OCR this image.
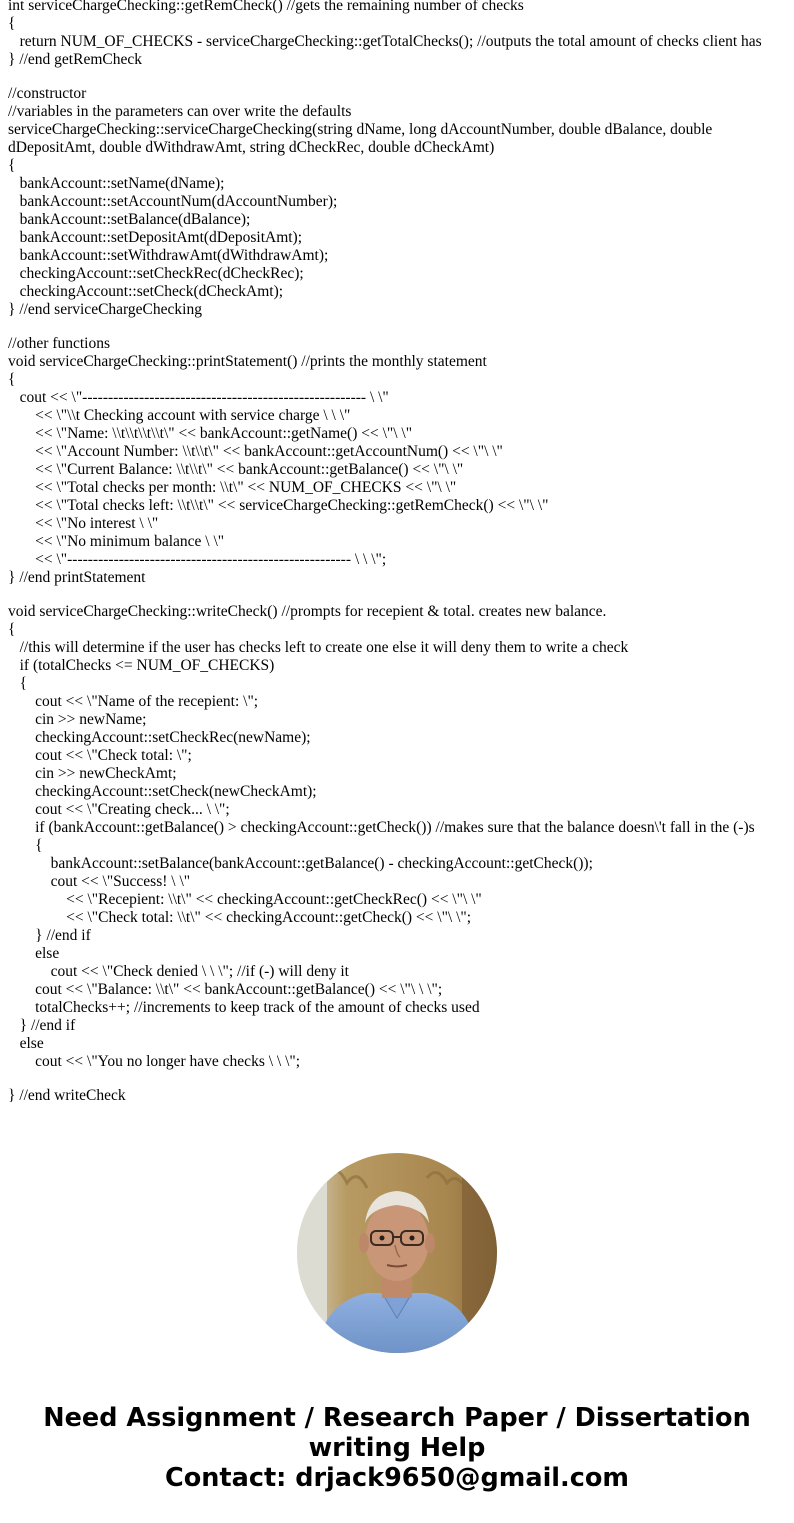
int serviceChargeChecking::getRemCheck() //gets the remaining number of checks
{
return NUM_OF_CHECKS - serviceChargeChecking::getTotalChecks(); //outputs the total amount of checks client has
} //end getRemCheck
//constructor
//variables in the parameters can over write the defaults
serviceChargeChecking::serviceChargeChecking(string dName, long dAccountNumber, double dBalance, double dDepositAmt, double dWithdrawAmt, string dCheckRec, double dCheckAmt)
{
bankAccount::setName(dName);
bankAccount::setAccountNum(dAccountNumber);
bankAccount::setBalance(dBalance);
bankAccount::setDepositAmt(dDepositAmt);
bankAccount::setWithdrawAmt(dWithdrawAmt);
checkingAccount::setCheckRec(dCheckRec);
checkingAccount::setCheck(dCheckAmt);
} //end serviceChargeChecking
//other functions
void serviceChargeChecking::printStatement() //prints the monthly statement
{
cout << \"------------------------------------------------------- \ \"
<< \"\\t Checking account with service charge \ \ \"
<< \"Name: \\t\\t\\t\\t\" << bankAccount::getName() << \"\ \"
<< \"Account Number: \\t\\t\" << bankAccount::getAccountNum() << \"\ \"
<< \"Current Balance: \\t\\t\" << bankAccount::getBalance() << \"\ \"
<< \"Total checks per month: \\t\" << NUM_OF_CHECKS << \"\ \"
<< \"Total checks left: \\t\\t\" << serviceChargeChecking::getRemCheck() << \"\ \"
<< \"No interest \ \"
<< \"No minimum balance \ \"
<< \"------------------------------------------------------- \ \ \";
} //end printStatement
void serviceChargeChecking::writeCheck() //prompts for recepient & total. creates new balance.
{
//this will determine if the user has checks left to create one else it will deny them to write a check
if (totalChecks <= NUM_OF_CHECKS)
{
cout << \"Name of the recepient: \";
cin >> newName;
checkingAccount::setCheckRec(newName);
cout << \"Check total: \";
cin >> newCheckAmt;
checkingAccount::setCheck(newCheckAmt);
cout << \"Creating check... \ \";
if (bankAccount::getBalance() > checkingAccount::getCheck()) //makes sure that the balance doesn\'t fall in the (-)s
{
bankAccount::setBalance(bankAccount::getBalance() - checkingAccount::getCheck());
cout << \"Success! \ \"
<< \"Recepient: \\t\" << checkingAccount::getCheckRec() << \"\ \"
<< \"Check total: \\t\" << checkingAccount::getCheck() << \"\ \";
} //end if
else
cout << \"Check denied \ \ \"; //if (-) will deny it
cout << \"Balance: \\t\" << bankAccount::getBalance() << \"\ \ \";
totalChecks++; //increments to keep track of the amount of checks used
} //end if
else
cout << \"You no longer have checks \ \ \";
} //end writeCheck
Need Assignment / Research Paper / Dissertation
writing Help
Contact: drjack9650@gmail.com
